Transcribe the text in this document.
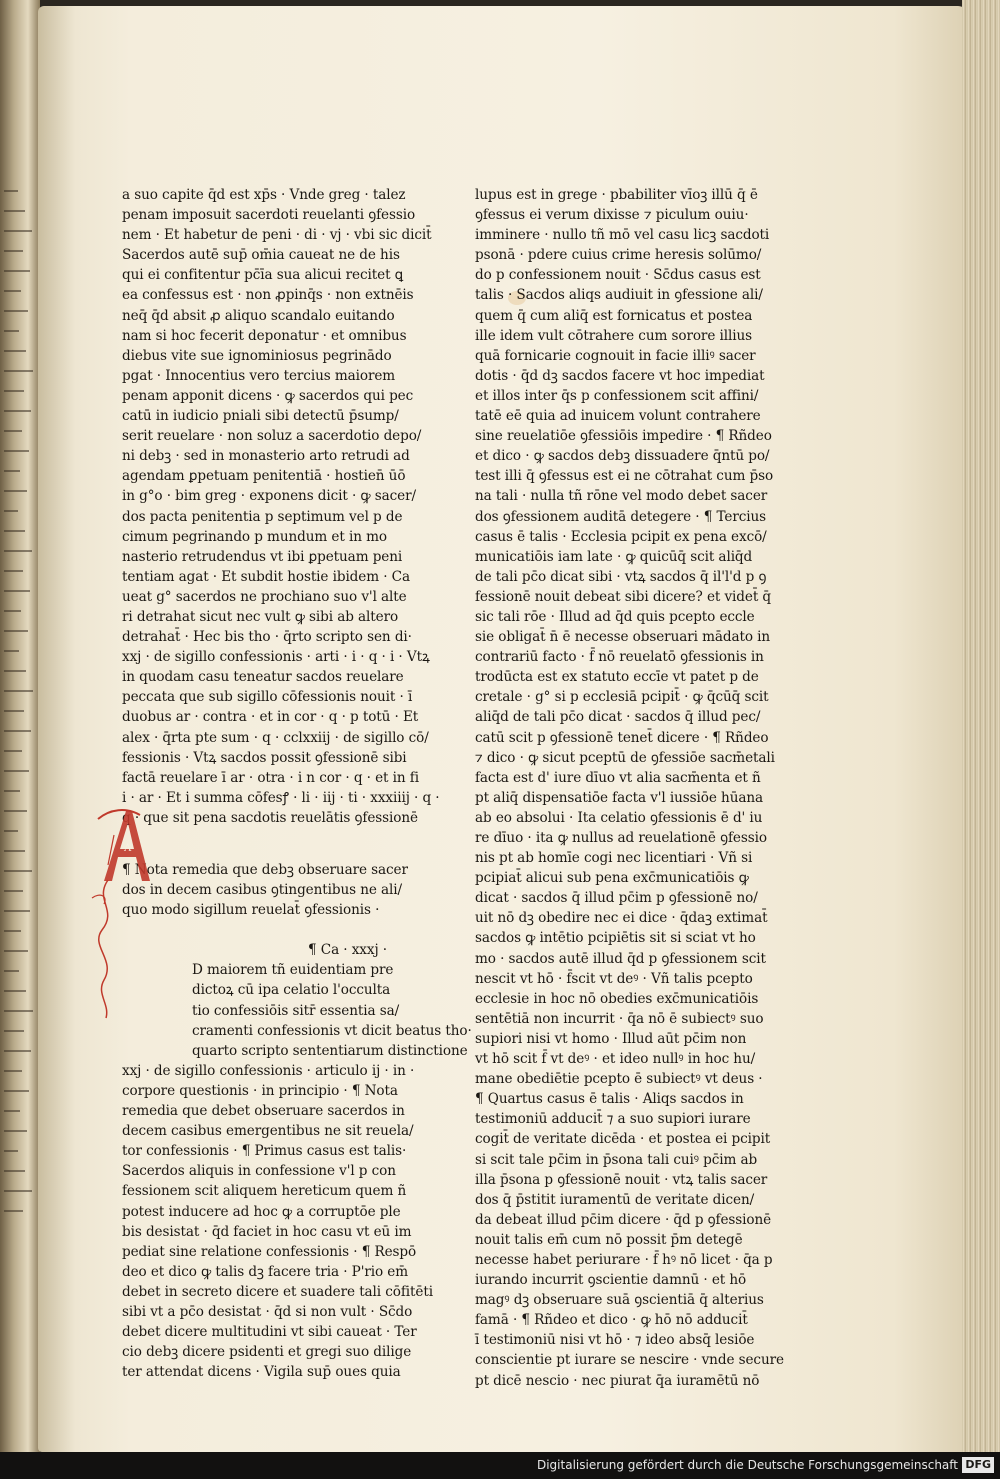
a suo capite q̄d est xp̄s · Vnde greg · talez
penam imposuit sacerdoti reuelanti ꝯfessio
nem · Et habetur de peni · di · vj · vbi sic dicit̄
Sacerdos autē sup̄ om̄ia caueat ne de his
qui ei confitentur pc̄īa sua alicui recitet ꝗ
ea confessus est · non ꝓpinq̄s · non extnēis
neq̄ q̄d absit ꝓ aliquo scandalo euitando
nam si hoc fecerit deponatur · et omnibus
diebus vite sue ignominiosus pegrinādo
pgat · Innocentius vero tercius maiorem
penam apponit dicens · ꝙ sacerdos qui pec
catū in iudicio pniali sibi detectū p̄sump/
serit reuelare · non soluz a sacerdotio depo/
ni debꝫ · sed in monasterio arto retrudi ad
agendam ꝑpetuam penitentiā · hostien̄ ūō
in g°o · bim greg · exponens dicit · ꝙ sacer/
dos pacta penitentia p septimum vel p de
cimum pegrinando p mundum et in mo
nasterio retrudendus vt ibi ꝑpetuam peni
tentiam agat · Et subdit hostie ibidem · Ca
ueat g° sacerdos ne prochiano suo v'l alte
ri detrahat sicut nec vult ꝙ sibi ab altero
detrahat̄ · Hec bis tho · q̄rto scripto sen di·
xxj · de sigillo confessionis · arti · i · q · i · Vtꝝ
in quodam casu teneatur sacdos reuelare
peccata que sub sigillo cōfessionis nouit · ī
duobus ar · contra · et in cor · q · p totū · Et
alex · q̄rta pte sum · q · cclxxiij · de sigillo cō/
fessionis · Vtꝝ sacdos possit ꝯfessionē sibi
factā reuelare ī ar · otra · i n cor · q · et in fi
i · ar · Et i summa cōfesꝭ · li · iij · ti · xxxiiij · q ·
q · que sit pena sacdotis reuelātis ꝯfessionē
¶ Nota remedia que debꝫ obseruare sacer
dos in decem casibus ꝯtingentibus ne ali/
quo modo sigillum reuelat̄ ꝯfessionis ·
¶ Ca · xxxj ·
D maiorem tñ euidentiam pre
dictoꝝ cū ipa celatio l'occulta
tio confessiōis sitr̄ essentia sa/
cramenti confessionis vt dicit beatus tho·
quarto scripto sententiarum distinctione
xxj · de sigillo confessionis · articulo ij · in ·
corpore questionis · in principio · ¶ Nota
remedia que debet obseruare sacerdos in
decem casibus emergentibus ne sit reuela/
tor confessionis · ¶ Primus casus est talis·
Sacerdos aliquis in confessione v'l p con
fessionem scit aliquem hereticum quem ñ
potest inducere ad hoc ꝙ a corruptōe ple
bis desistat · q̄d faciet in hoc casu vt eū im
pediat sine relatione confessionis · ¶ Respō
deo et dico ꝙ talis dꝫ facere tria · P'rio em̄
debet in secreto dicere et suadere tali cōfitēti
sibi vt a pc̄o desistat · q̄d si non vult · Sc̄do
debet dicere multitudini vt sibi caueat · Ter
cio debꝫ dicere psidenti et gregi suo dilige
ter attendat dicens · Vigila sup̄ oues quia
A
lupus est in grege · pbabiliter vīoꝫ illū q̄ ē
ꝯfessus ei verum dixisse ⁊ piculum ouiu·
imminere · nullo tñ mō vel casu licꝫ sacdoti
psonā · pdere cuius crime heresis solūmo/
do p confessionem nouit · Sc̄dus casus est
talis · Sacdos aliqs audiuit in ꝯfessione ali/
quem q̄ cum aliq̄ est fornicatus et postea
ille idem vult cōtrahere cum sorore illius
quā fornicarie cognouit in facie illiꝰ sacer
dotis · q̄d dꝫ sacdos facere vt hoc impediat
et illos inter q̄s p confessionem scit affini/
tatē eē quia ad inuicem volunt contrahere
sine reuelatiōe ꝯfessiōis impedire · ¶ Rñdeo
et dico · ꝙ sacdos debꝫ dissuadere q̄ntū po/
test illi q̄ ꝯfessus est ei ne cōtrahat cum p̄so
na tali · nulla tñ rōne vel modo debet sacer
dos ꝯfessionem auditā detegere · ¶ Tercius
casus ē talis · Ecclesia pcipit ex pena excō/
municatiōis iam late · ꝙ quicūq̄ scit aliq̄d
de tali pc̄o dicat sibi · vtꝝ sacdos q̄ il'l'd p ꝯ
fessionē nouit debeat sibi dicere? et videt̄ q̄
sic tali rōe · Illud ad q̄d quis pcepto eccle
sie obligat̄ n̄ ē necesse obseruari mādato in
contrariū facto · f̄ nō reuelatō ꝯfessionis in
trodūcta est ex statuto eccīe vt patet p de
cretale · g° si p ecclesiā pcipit̄ · ꝙ q̄cūq̄ scit
aliq̄d de tali pc̄o dicat · sacdos q̄ illud pec/
catū scit p ꝯfessionē tenet̄ dicere · ¶ Rñdeo
⁊ dico · ꝙ sicut pceptū de ꝯfessiōe sacm̄etali
facta est d' iure dīuo vt alia sacm̄enta et ñ
pt aliq̄ dispensatiōe facta v'l iussiōe hūana
ab eo absolui · Ita celatio ꝯfessionis ē d' iu
re dīuo · ita ꝙ nullus ad reuelationē ꝯfessio
nis pt ab homīe cogi nec licentiari · Vñ si
pcipiat̄ alicui sub pena exc̄municatiōis ꝙ
dicat · sacdos q̄ illud pc̄im p ꝯfessionē no/
uit nō dꝫ obedire nec ei dice · q̄daꝫ extimat̄
sacdos ꝙ intētio pcipiētis sit si sciat vt ho
mo · sacdos autē illud q̄d p ꝯfessionem scit
nescit vt hō · f̄scit vt deꝰ · Vñ talis pcepto
ecclesie in hoc nō obedies exc̄municatiōis
sentētiā non incurrit · q̄a nō ē subiectꝰ suo
supiori nisi vt homo · Illud aūt pc̄im non
vt hō scit f̄ vt deꝰ · et ideo nullꝰ in hoc hu/
mane obediētie pcepto ē subiectꝰ vt deus ·
¶ Quartus casus ē talis · Aliqs sacdos in
testimoniū adducit̄ ⁊ a suo supiori iurare
cogit̄ de veritate dicēda · et postea ei pcipit
si scit tale pc̄im in p̄sona tali cuiꝰ pc̄im ab
illa p̄sona p ꝯfessionē nouit · vtꝝ talis sacer
dos q̄ p̄stitit iuramentū de veritate dicen/
da debeat illud pc̄im dicere · q̄d p ꝯfessionē
nouit talis em̄ cum nō possit p̄m detegē
necesse habet periurare · f̄ hꝰ nō licet · q̄a p
iurando incurrit ꝯscientie damnū · et hō
magꝰ dꝫ obseruare suā ꝯscientiā q̄ alterius
famā · ¶ Rñdeo et dico · ꝙ hō nō adducit̄
ī testimoniū nisi vt hō · ⁊ ideo absq̄ lesiōe
conscientie pt iurare se nescire · vnde secure
pt dicē nescio · nec piurat q̄a iuramētū nō
Digitalisierung gefördert durch die Deutsche Forschungsgemeinschaft DFG
